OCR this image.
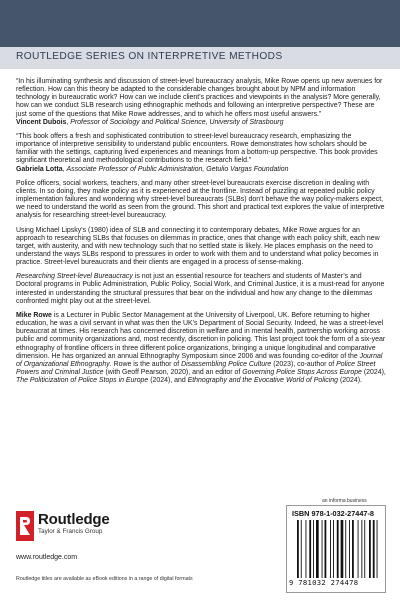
ROUTLEDGE SERIES ON INTERPRETIVE METHODS
“In his illuminating synthesis and discussion of street-level bureaucracy analysis, Mike Rowe opens up new avenues for reflection. How can this theory be adapted to the considerable changes brought about by NPM and information technology in bureaucratic work? How can we include client’s practices and viewpoints in the analysis? More generally, how can we conduct SLB research using ethnographic methods and following an interpretive perspective? These are just some of the questions that Mike Rowe addresses, and to which he offers most useful answers.”
Vincent Dubois, Professor of Sociology and Political Science, University of Strasbourg
“This book offers a fresh and sophisticated contribution to street-level bureaucracy research, emphasizing the importance of interpretive sensibility to understand public encounters. Rowe demonstrates how scholars should be familiar with the settings, capturing lived experiences and meanings from a bottom-up perspective. This book provides significant theoretical and methodological contributions to the research field.”
Gabriela Lotta, Associate Professor of Public Administration, Getulio Vargas Foundation
Police officers, social workers, teachers, and many other street-level bureaucrats exercise discretion in dealing with clients. In so doing, they make policy as it is experienced at the frontline. Instead of puzzling at repeated public policy implementation failures and wondering why street-level bureaucrats (SLBs) don’t behave the way policy-makers expect, we need to understand the world as seen from the ground. This short and practical text explores the value of interpretive analysis for researching street-level bureaucracy.
Using Michael Lipsky’s (1980) idea of SLB and connecting it to contemporary debates, Mike Rowe argues for an approach to researching SLBs that focuses on dilemmas in practice, ones that change with each policy shift, each new target, with austerity, and with new technology such that no settled state is likely. He places emphasis on the need to understand the ways SLBs respond to pressures in order to work with them and to understand what policy becomes in practice. Street-level bureaucrats and their clients are engaged in a process of sense-making.
Researching Street-level Bureaucracy is not just an essential resource for teachers and students of Master’s and Doctoral programs in Public Administration, Public Policy, Social Work, and Criminal Justice, it is a must-read for anyone interested in understanding the structural pressures that bear on the individual and how any change to the dilemmas confronted might play out at the street-level.
Mike Rowe is a Lecturer in Public Sector Management at the University of Liverpool, UK. Before returning to higher education, he was a civil servant in what was then the UK’s Department of Social Security. Indeed, he was a street-level bureaucrat at times. His research has concerned discretion in welfare and in mental health, partnership working across public and community organizations and, most recently, discretion in policing. This last project took the form of a six-year ethnography of frontline officers in three different police organizations, bringing a unique longitudinal and comparative dimension. He has organized an annual Ethnography Symposium since 2006 and was founding co-editor of the Journal of Organizational Ethnography. Rowe is the author of Disassembling Police Culture (2023), co-author of Police Street Powers and Criminal Justice (with Geoff Pearson, 2020), and an editor of Governing Police Stops Across Europe (2024), The Politicization of Police Stops in Europe (2024), and Ethnography and the Evocative World of Policing (2024).
Routledge
Taylor & Francis Group
www.routledge.com
Routledge titles are available as eBook editions in a range of digital formats
an informa business
ISBN 978-1-032-27447-8
9 781032 274478
